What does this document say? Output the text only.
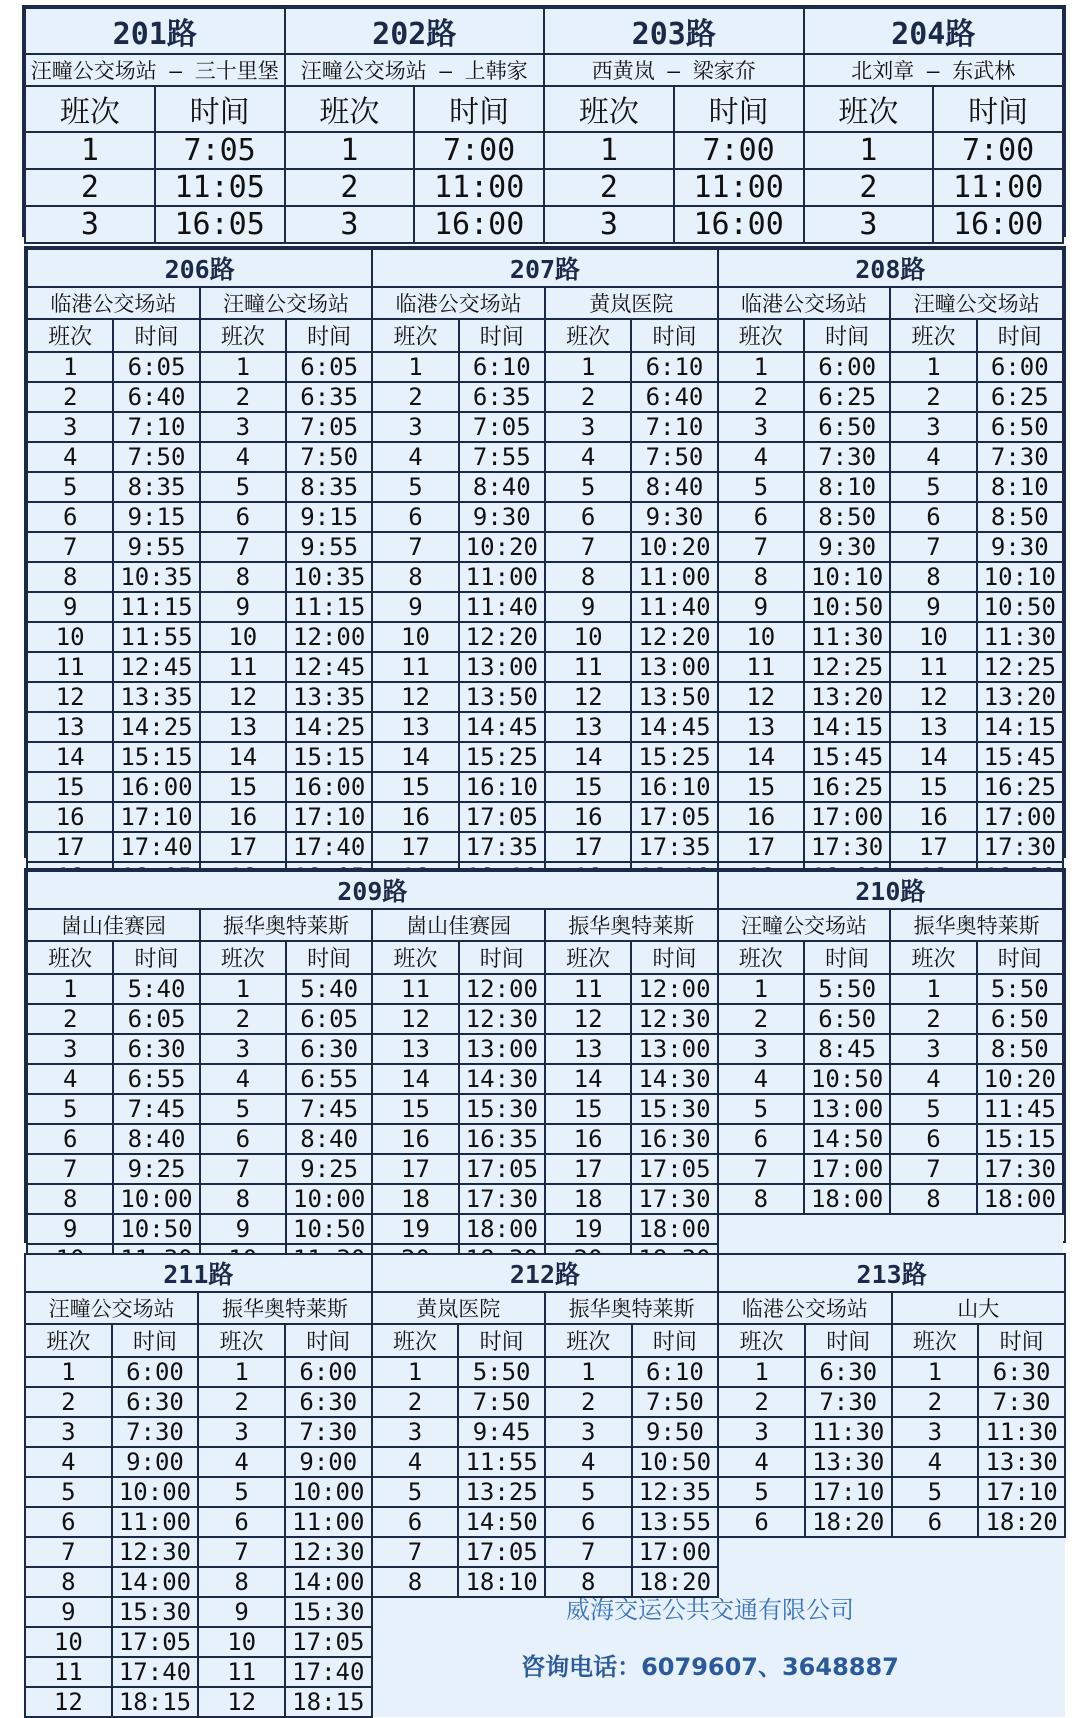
201路		202路		203路		204路	
汪疃公交场站 — 三十里堡		汪疃公交场站 — 上韩家		西黄岚 — 梁家夼		北刘章 — 东武林	
班次	时间	班次	时间	班次	时间	班次	时间
1	7:05	1	7:00	1	7:00	1	7:00
2	11:05	2	11:00	2	11:00	2	11:00
3	16:05	3	16:00	3	16:00	3	16:00
206路				207路				208路			
临港公交场站		汪疃公交场站		临港公交场站		黄岚医院		临港公交场站		汪疃公交场站	
班次	时间	班次	时间	班次	时间	班次	时间	班次	时间	班次	时间
1	6:05	1	6:05	1	6:10	1	6:10	1	6:00	1	6:00
2	6:40	2	6:35	2	6:35	2	6:40	2	6:25	2	6:25
3	7:10	3	7:05	3	7:05	3	7:10	3	6:50	3	6:50
4	7:50	4	7:50	4	7:55	4	7:50	4	7:30	4	7:30
5	8:35	5	8:35	5	8:40	5	8:40	5	8:10	5	8:10
6	9:15	6	9:15	6	9:30	6	9:30	6	8:50	6	8:50
7	9:55	7	9:55	7	10:20	7	10:20	7	9:30	7	9:30
8	10:35	8	10:35	8	11:00	8	11:00	8	10:10	8	10:10
9	11:15	9	11:15	9	11:40	9	11:40	9	10:50	9	10:50
10	11:55	10	12:00	10	12:20	10	12:20	10	11:30	10	11:30
11	12:45	11	12:45	11	13:00	11	13:00	11	12:25	11	12:25
12	13:35	12	13:35	12	13:50	12	13:50	12	13:20	12	13:20
13	14:25	13	14:25	13	14:45	13	14:45	13	14:15	13	14:15
14	15:15	14	15:15	14	15:25	14	15:25	14	15:45	14	15:45
15	16:00	15	16:00	15	16:10	15	16:10	15	16:25	15	16:25
16	17:10	16	17:10	16	17:05	16	17:05	16	17:00	16	17:00
17	17:40	17	17:40	17	17:35	17	17:35	17	17:30	17	17:30

209路								210路			
崮山佳赛园		振华奥特莱斯		崮山佳赛园		振华奥特莱斯		汪疃公交场站		振华奥特莱斯	
班次	时间	班次	时间	班次	时间	班次	时间	班次	时间	班次	时间
1	5:40	1	5:40	11	12:00	11	12:00	1	5:50	1	5:50
2	6:05	2	6:05	12	12:30	12	12:30	2	6:50	2	6:50
3	6:30	3	6:30	13	13:00	13	13:00	3	8:45	3	8:50
4	6:55	4	6:55	14	14:30	14	14:30	4	10:50	4	10:20
5	7:45	5	7:45	15	15:30	15	15:30	5	13:00	5	11:45
6	8:40	6	8:40	16	16:35	16	16:30	6	14:50	6	15:15
7	9:25	7	9:25	17	17:05	17	17:05	7	17:00	7	17:30
8	10:00	8	10:00	18	17:30	18	17:30	8	18:00	8	18:00
9	10:50	9	10:50	19	18:00	19	18:00				

211路				212路				213路			
汪疃公交场站		振华奥特莱斯		黄岚医院		振华奥特莱斯		临港公交场站		山大	
班次	时间	班次	时间	班次	时间	班次	时间	班次	时间	班次	时间
1	6:00	1	6:00	1	5:50	1	6:10	1	6:30	1	6:30
2	6:30	2	6:30	2	7:50	2	7:50	2	7:30	2	7:30
3	7:30	3	7:30	3	9:45	3	9:50	3	11:30	3	11:30
4	9:00	4	9:00	4	11:55	4	10:50	4	13:30	4	13:30
5	10:00	5	10:00	5	13:25	5	12:35	5	17:10	5	17:10
6	11:00	6	11:00	6	14:50	6	13:55	6	18:20	6	18:20
7	12:30	7	12:30	7	17:05	7	17:00				
8	14:00	8	14:00	8	18:10	8	18:20				
9	15:30	9	15:30								
10	17:05	10	17:05								
11	17:40	11	17:40								
12	18:15	12	18:15								
威海交运公共交通有限公司
咨询电话：6079607、3648887
